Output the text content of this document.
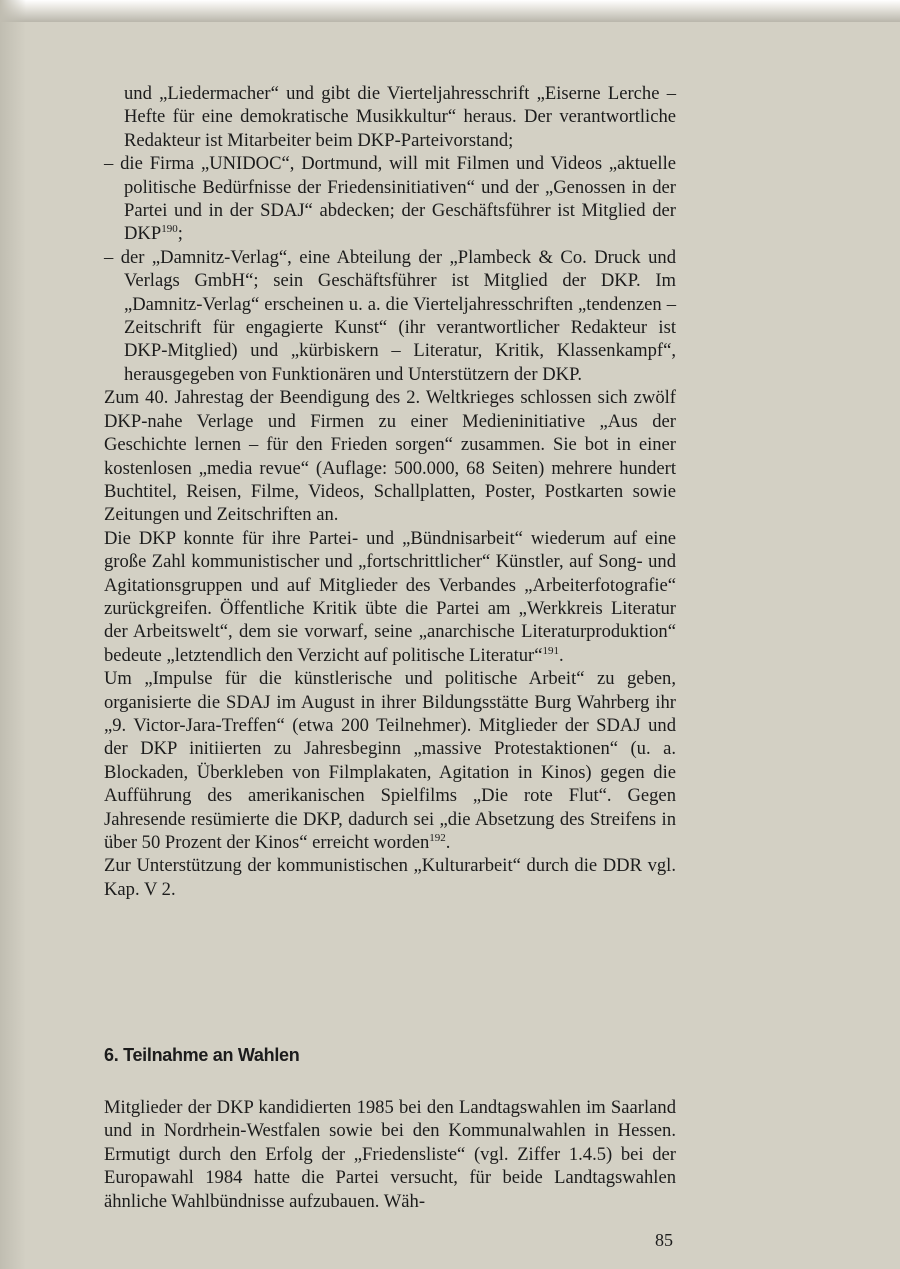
und „Liedermacher“ und gibt die Vierteljahresschrift „Eiserne Lerche – Hefte für eine demokratische Musikkultur“ heraus. Der verantwortliche Redakteur ist Mitarbeiter beim DKP-Parteivorstand;

– die Firma „UNIDOC“, Dortmund, will mit Filmen und Videos „aktuelle politische Bedürfnisse der Friedensinitiativen“ und der „Genossen in der Partei und in der SDAJ“ abdecken; der Geschäftsführer ist Mitglied der DKP$^{190}$;

– der „Damnitz-Verlag“, eine Abteilung der „Plambeck & Co. Druck und Verlags GmbH“; sein Geschäftsführer ist Mitglied der DKP. Im „Damnitz-Verlag“ erscheinen u. a. die Vierteljahresschriften „tendenzen – Zeitschrift für engagierte Kunst“ (ihr verantwortlicher Redakteur ist DKP-Mitglied) und „kürbiskern – Literatur, Kritik, Klassenkampf“, herausgegeben von Funktionären und Unterstützern der DKP.

Zum 40. Jahrestag der Beendigung des 2. Weltkrieges schlossen sich zwölf DKP-nahe Verlage und Firmen zu einer Medieninitiative „Aus der Geschichte lernen – für den Frieden sorgen“ zusammen. Sie bot in einer kostenlosen „media revue“ (Auflage: 500.000, 68 Seiten) mehrere hundert Buchtitel, Reisen, Filme, Videos, Schallplatten, Poster, Postkarten sowie Zeitungen und Zeitschriften an.

Die DKP konnte für ihre Partei- und „Bündnisarbeit“ wiederum auf eine große Zahl kommunistischer und „fortschrittlicher“ Künstler, auf Song- und Agitationsgruppen und auf Mitglieder des Verbandes „Arbeiterfotografie“ zurückgreifen. Öffentliche Kritik übte die Partei am „Werkkreis Literatur der Arbeitswelt“, dem sie vorwarf, seine „anarchische Literaturproduktion“ bedeute „letztendlich den Verzicht auf politische Literatur“$^{191}$.

Um „Impulse für die künstlerische und politische Arbeit“ zu geben, organisierte die SDAJ im August in ihrer Bildungsstätte Burg Wahrberg ihr „9. Victor-Jara-Treffen“ (etwa 200 Teilnehmer). Mitglieder der SDAJ und der DKP initiierten zu Jahresbeginn „massive Protestaktionen“ (u. a. Blockaden, Überkleben von Filmplakaten, Agitation in Kinos) gegen die Aufführung des amerikanischen Spielfilms „Die rote Flut“. Gegen Jahresende resümierte die DKP, dadurch sei „die Absetzung des Streifens in über 50 Prozent der Kinos“ erreicht worden$^{192}$.

Zur Unterstützung der kommunistischen „Kulturarbeit“ durch die DDR vgl. Kap. V 2.

6. Teilnahme an Wahlen

Mitglieder der DKP kandidierten 1985 bei den Landtagswahlen im Saarland und in Nordrhein-Westfalen sowie bei den Kommunalwahlen in Hessen. Ermutigt durch den Erfolg der „Friedensliste“ (vgl. Ziffer 1.4.5) bei der Europawahl 1984 hatte die Partei versucht, für beide Landtagswahlen ähnliche Wahlbündnisse aufzubauen. Wäh-

85
